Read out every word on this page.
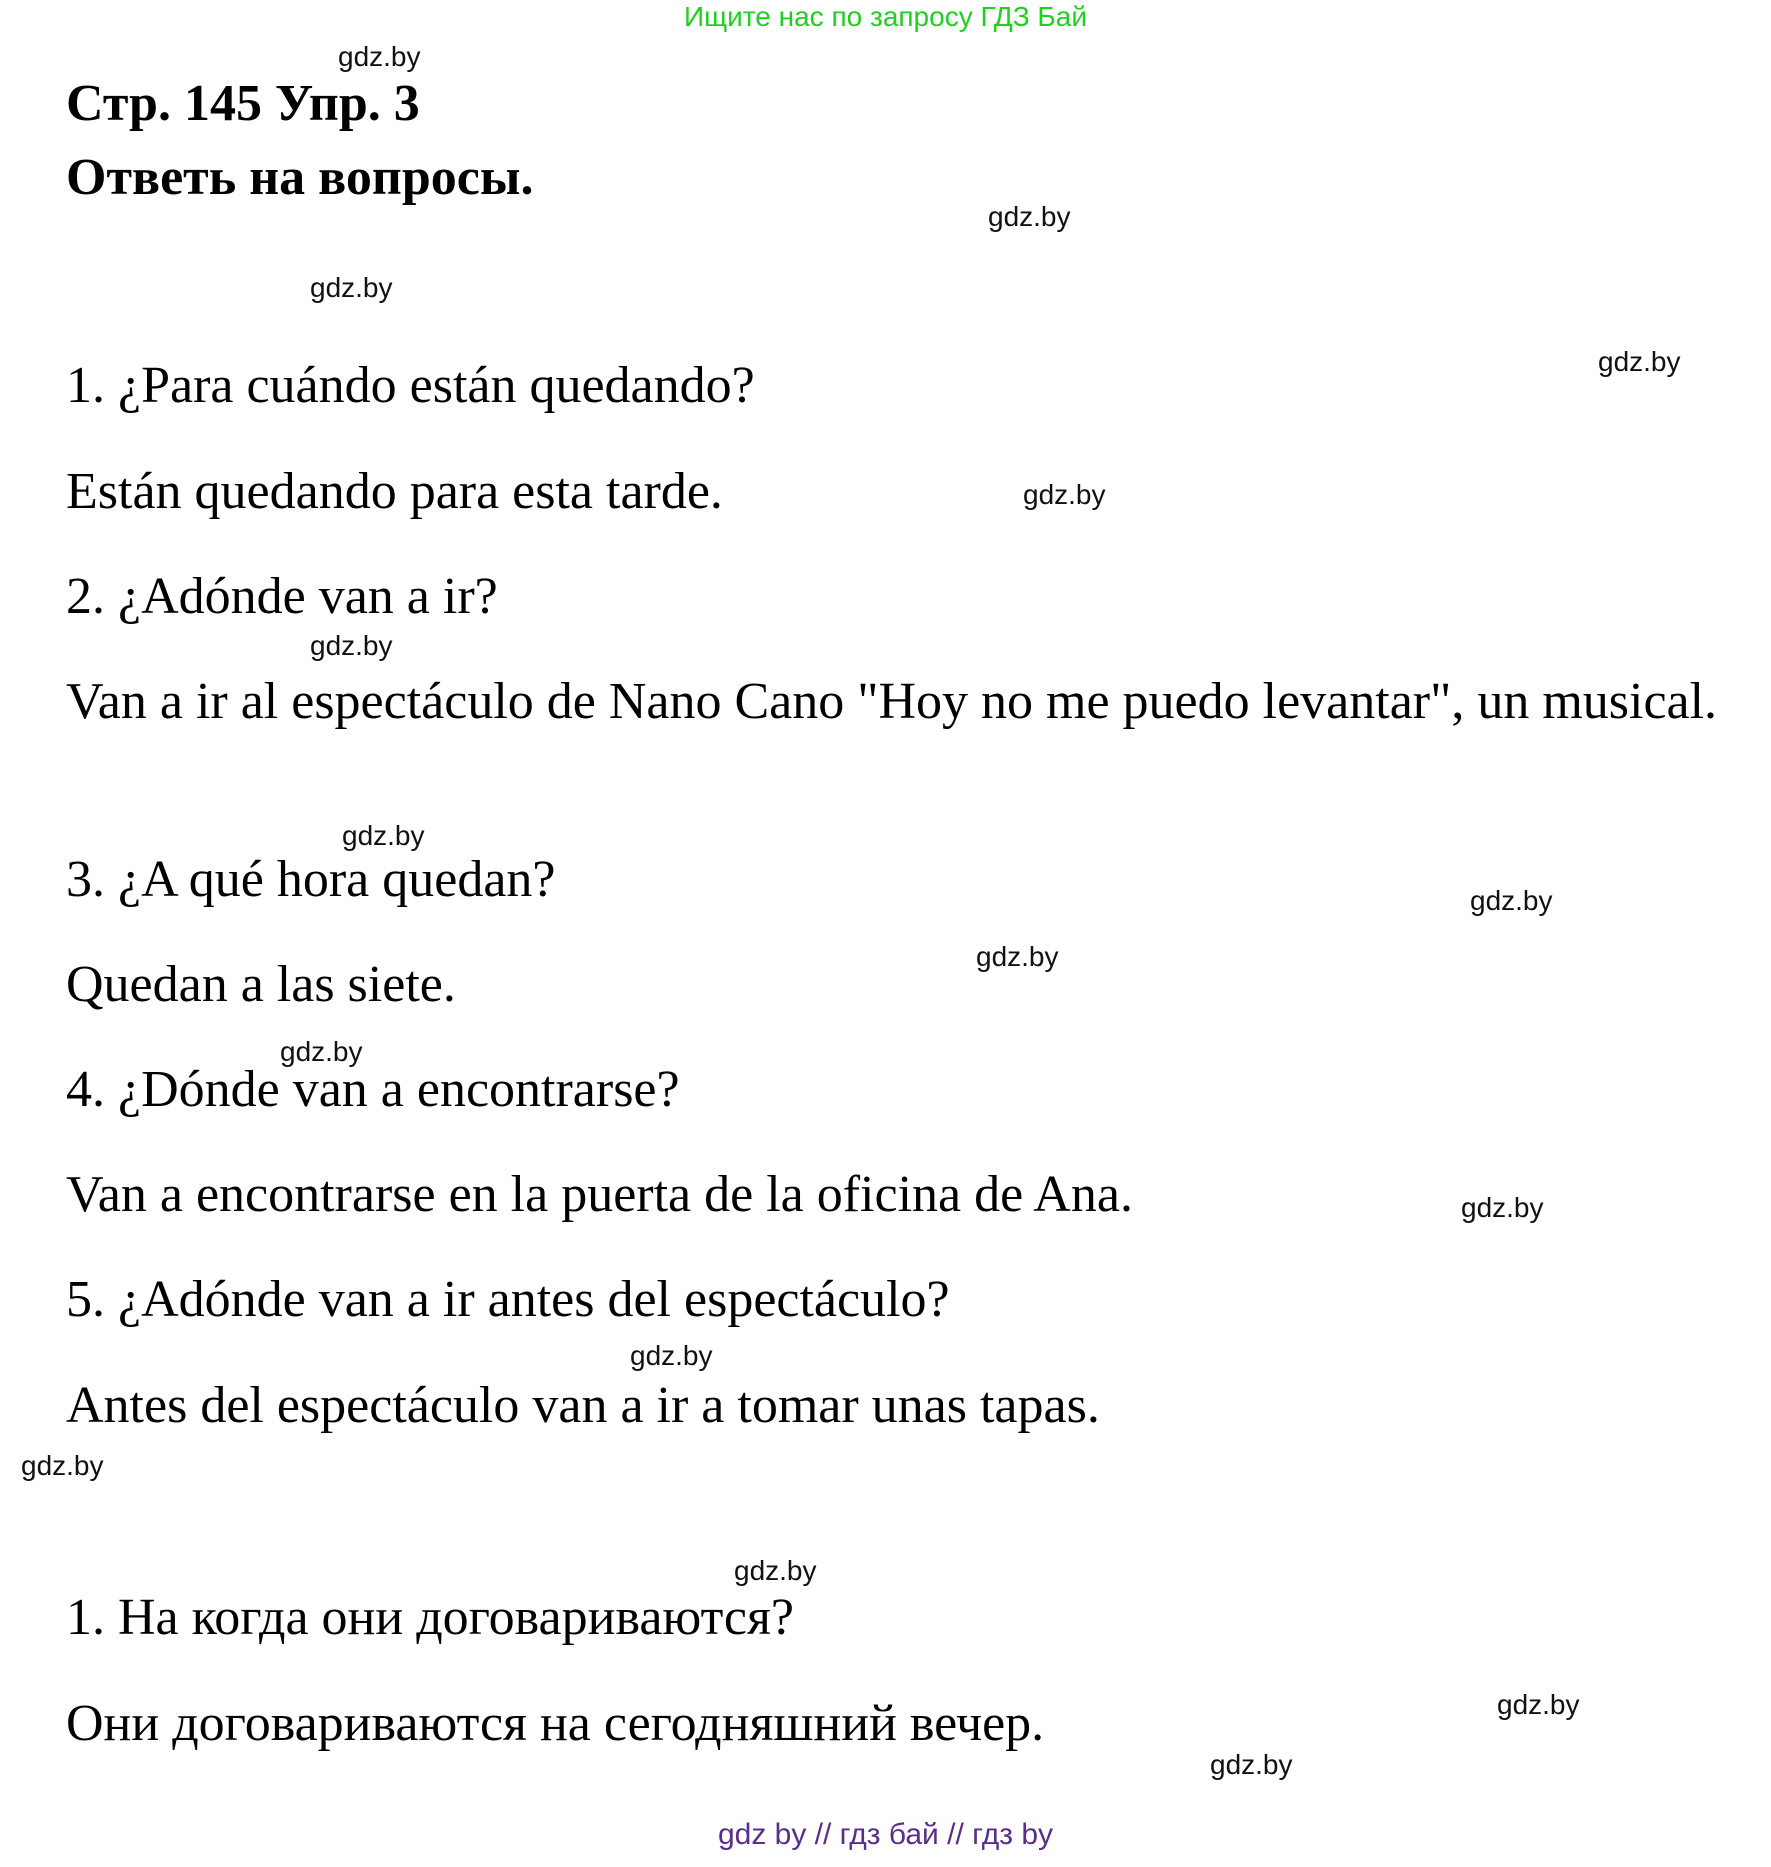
Ищите нас по запросу ГДЗ Бай
Стр. 145 Упр. 3
Ответь на вопросы.
1. ¿Para cuándo están quedando?
Están quedando para esta tarde.
2. ¿Adónde van a ir?
Van a ir al espectáculo de Nano Cano "Hoy no me puedo levantar", un musical.
3. ¿A qué hora quedan?
Quedan a las siete.
4. ¿Dónde van a encontrarse?
Van a encontrarse en la puerta de la oficina de Ana.
5. ¿Adónde van a ir antes del espectáculo?
Antes del espectáculo van a ir a tomar unas tapas.
1. На когда они договариваются?
Они договариваются на сегодняшний вечер.
gdz.by
gdz.by
gdz.by
gdz.by
gdz.by
gdz.by
gdz.by
gdz.by
gdz.by
gdz.by
gdz.by
gdz.by
gdz.by
gdz.by
gdz.by
gdz.by
gdz by // гдз бай // гдз by
